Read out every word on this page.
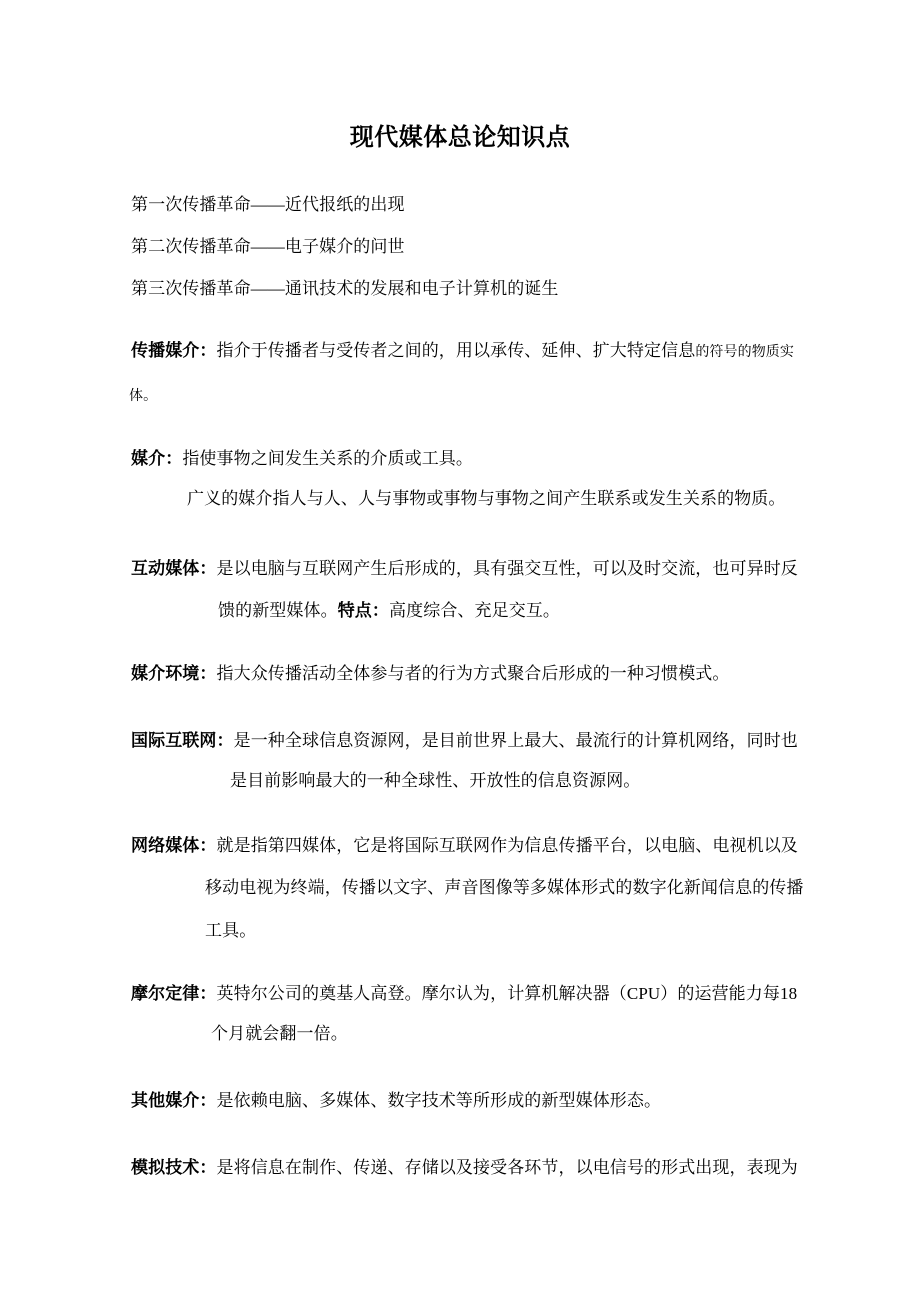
现代媒体总论知识点
第一次传播革命——近代报纸的出现
第二次传播革命——电子媒介的问世
第三次传播革命——通讯技术的发展和电子计算机的诞生
传播媒介：指介于传播者与受传者之间的，用以承传、延伸、扩大特定信息的符号的物质实
体。
媒介：指使事物之间发生关系的介质或工具。
广义的媒介指人与人、人与事物或事物与事物之间产生联系或发生关系的物质。
互动媒体：是以电脑与互联网产生后形成的，具有强交互性，可以及时交流，也可异时反
馈的新型媒体。特点：高度综合、充足交互。
媒介环境：指大众传播活动全体参与者的行为方式聚合后形成的一种习惯模式。
国际互联网：是一种全球信息资源网，是目前世界上最大、最流行的计算机网络，同时也
是目前影响最大的一种全球性、开放性的信息资源网。
网络媒体：就是指第四媒体，它是将国际互联网作为信息传播平台，以电脑、电视机以及
移动电视为终端，传播以文字、声音图像等多媒体形式的数字化新闻信息的传播
工具。
摩尔定律：英特尔公司的奠基人高登。摩尔认为，计算机解决器（CPU）的运营能力每18
个月就会翻一倍。
其他媒介：是依赖电脑、多媒体、数字技术等所形成的新型媒体形态。
模拟技术：是将信息在制作、传递、存储以及接受各环节，以电信号的形式出现，表现为
